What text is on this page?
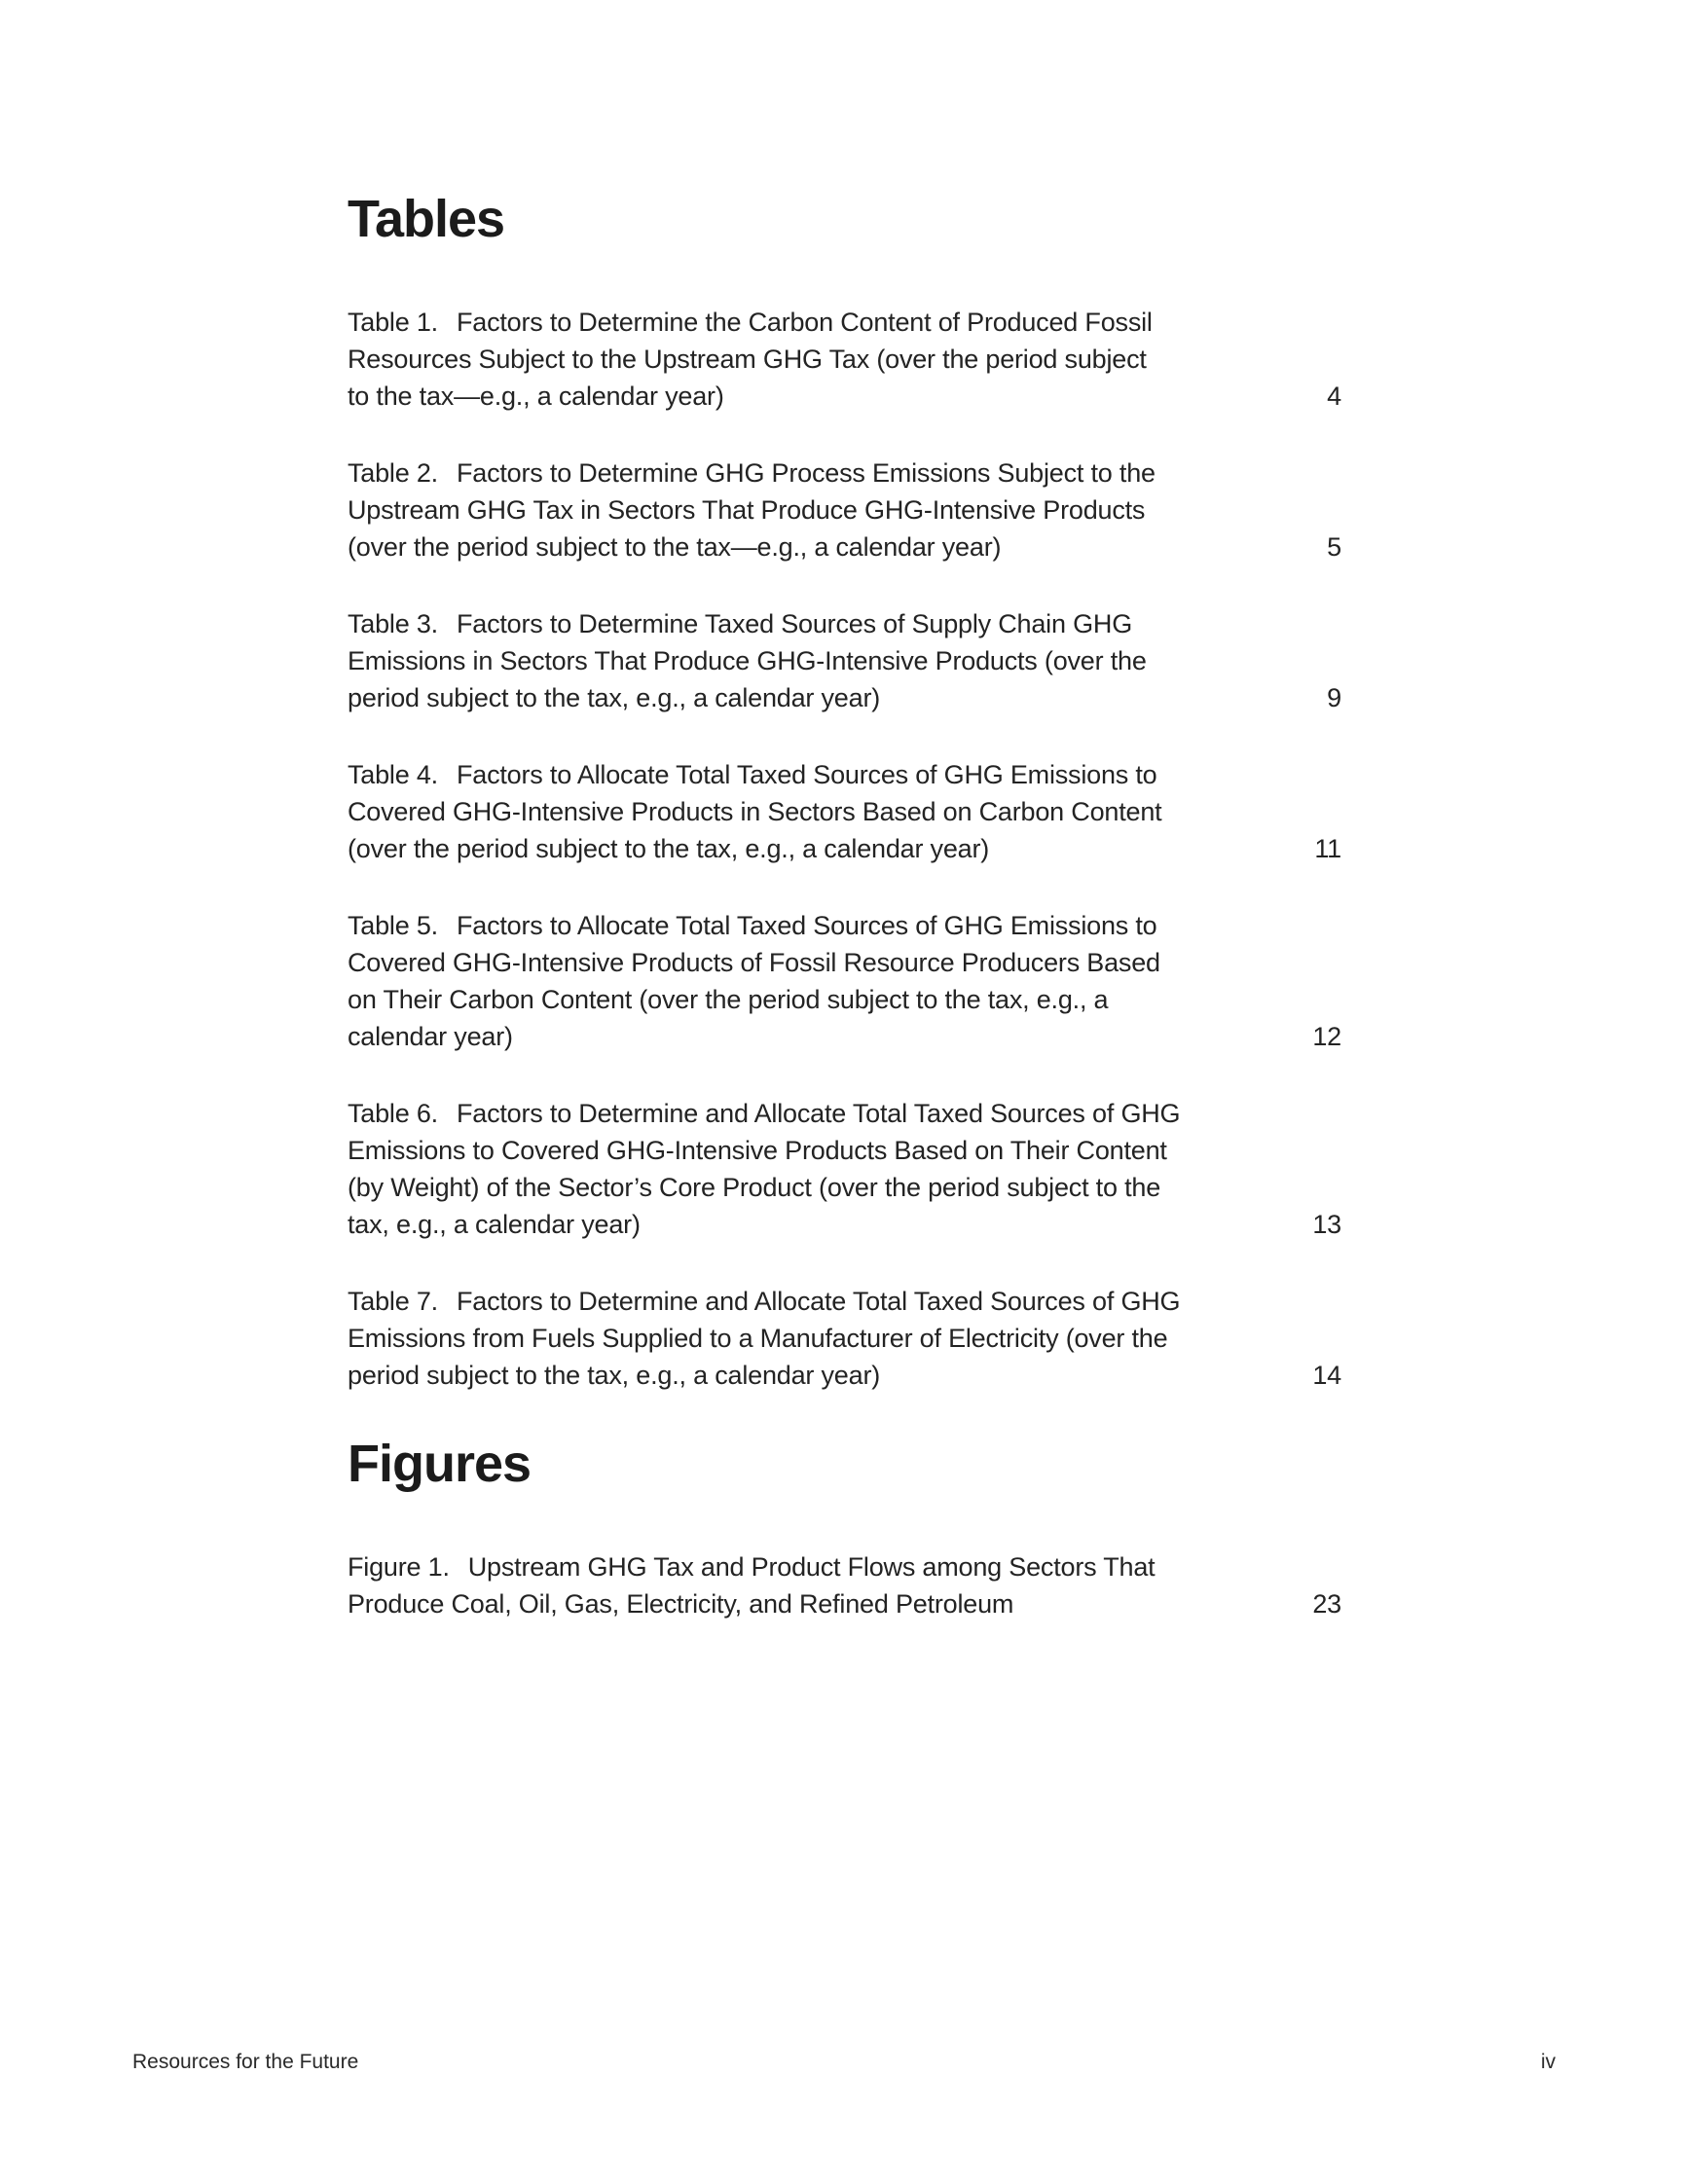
Tables
Table 1. Factors to Determine the Carbon Content of Produced Fossil
Resources Subject to the Upstream GHG Tax (over the period subject
to the tax—e.g., a calendar year)	4
Table 2. Factors to Determine GHG Process Emissions Subject to the
Upstream GHG Tax in Sectors That Produce GHG-Intensive Products
(over the period subject to the tax—e.g., a calendar year)	5
Table 3. Factors to Determine Taxed Sources of Supply Chain GHG
Emissions in Sectors That Produce GHG-Intensive Products (over the
period subject to the tax, e.g., a calendar year)	9
Table 4. Factors to Allocate Total Taxed Sources of GHG Emissions to
Covered GHG-Intensive Products in Sectors Based on Carbon Content
(over the period subject to the tax, e.g., a calendar year)	11
Table 5. Factors to Allocate Total Taxed Sources of GHG Emissions to
Covered GHG-Intensive Products of Fossil Resource Producers Based
on Their Carbon Content (over the period subject to the tax, e.g., a
calendar year)	12
Table 6. Factors to Determine and Allocate Total Taxed Sources of GHG
Emissions to Covered GHG-Intensive Products Based on Their Content
(by Weight) of the Sector’s Core Product (over the period subject to the
tax, e.g., a calendar year)	13
Table 7. Factors to Determine and Allocate Total Taxed Sources of GHG
Emissions from Fuels Supplied to a Manufacturer of Electricity (over the
period subject to the tax, e.g., a calendar year)	14
Figures
Figure 1. Upstream GHG Tax and Product Flows among Sectors That
Produce Coal, Oil, Gas, Electricity, and Refined Petroleum	23
Resources for the Future	iv
